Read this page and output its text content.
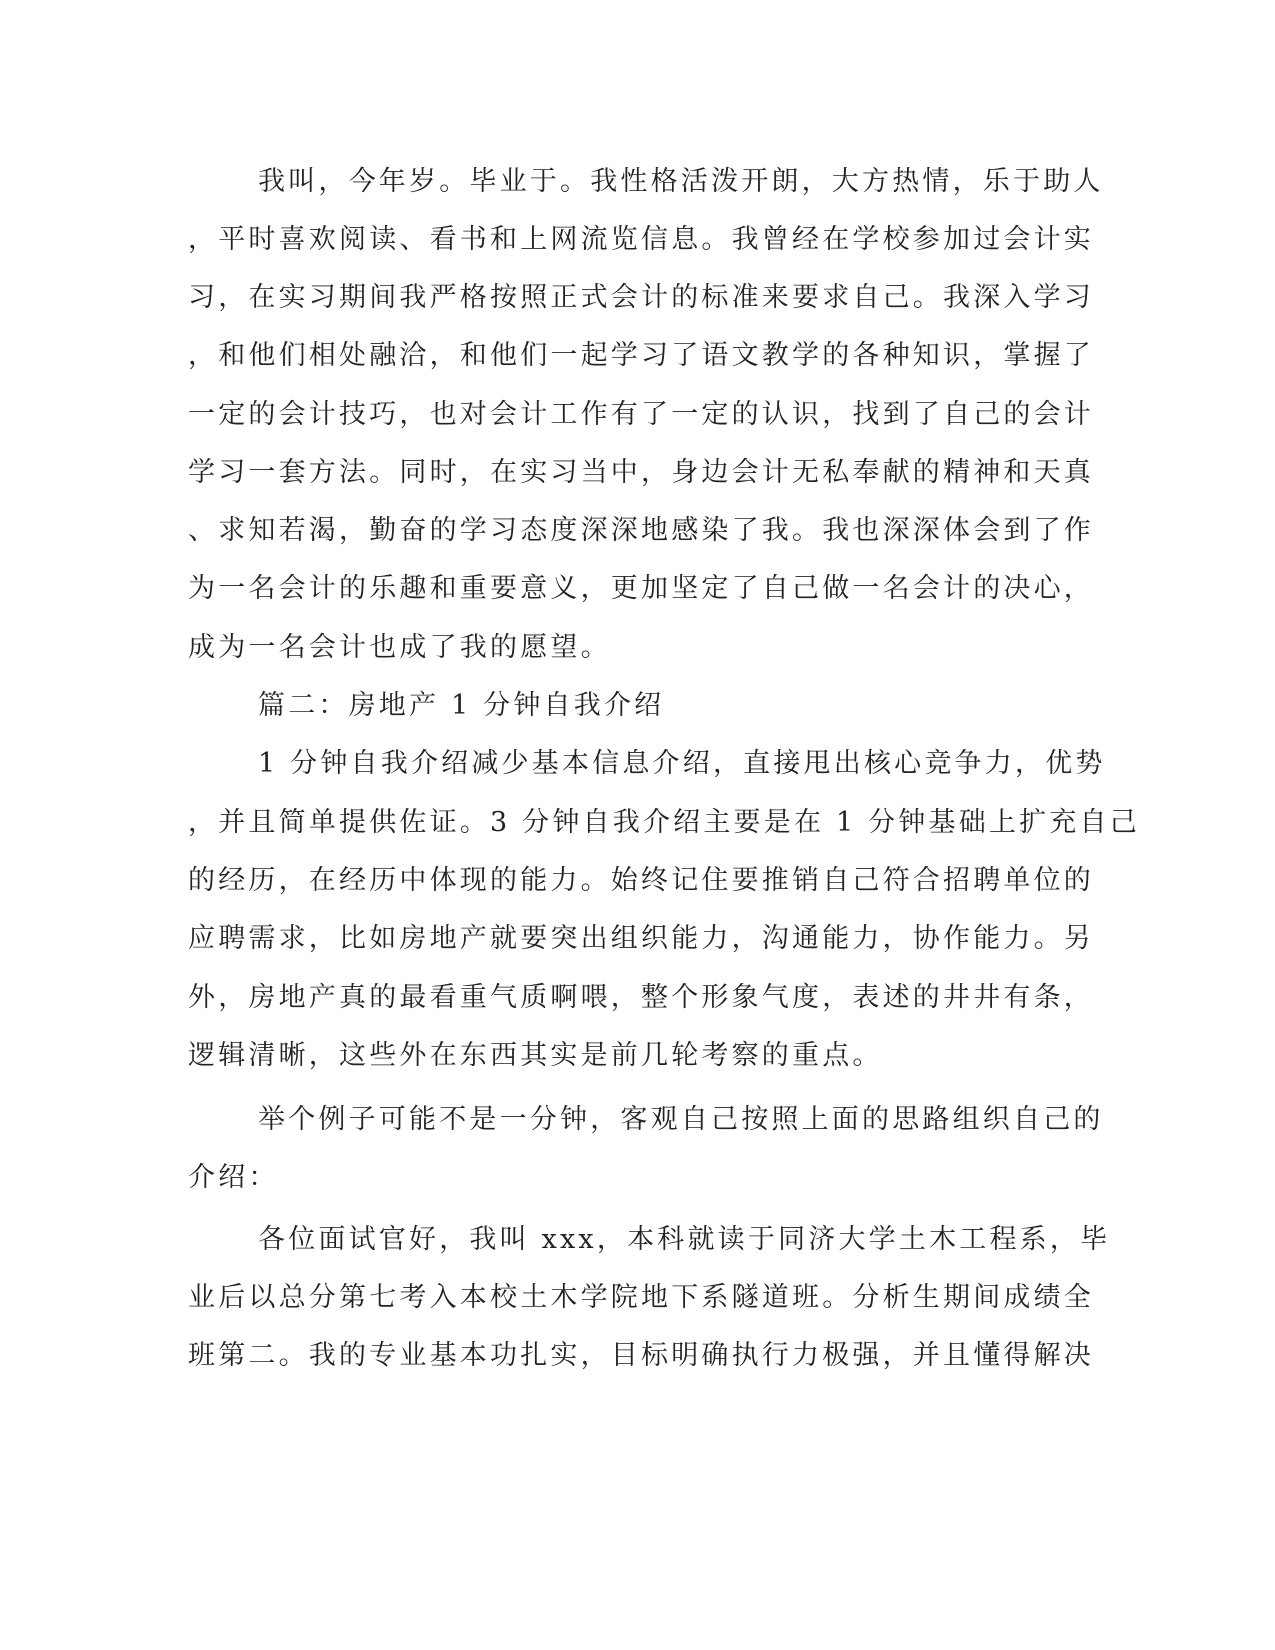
我叫，今年岁。毕业于。我性格活泼开朗，大方热情，乐于助人
，平时喜欢阅读、看书和上网流览信息。我曾经在学校参加过会计实
习，在实习期间我严格按照正式会计的标准来要求自己。我深入学习
，和他们相处融洽，和他们一起学习了语文教学的各种知识，掌握了
一定的会计技巧，也对会计工作有了一定的认识，找到了自己的会计
学习一套方法。同时，在实习当中，身边会计无私奉献的精神和天真
、求知若渴，勤奋的学习态度深深地感染了我。我也深深体会到了作
为一名会计的乐趣和重要意义，更加坚定了自己做一名会计的决心，
成为一名会计也成了我的愿望。
篇二：房地产 1 分钟自我介绍
1 分钟自我介绍减少基本信息介绍，直接甩出核心竞争力，优势
，并且简单提供佐证。3 分钟自我介绍主要是在 1 分钟基础上扩充自己
的经历，在经历中体现的能力。始终记住要推销自己符合招聘单位的
应聘需求，比如房地产就要突出组织能力，沟通能力，协作能力。另
外，房地产真的最看重气质啊喂，整个形象气度，表述的井井有条，
逻辑清晰，这些外在东西其实是前几轮考察的重点。
举个例子可能不是一分钟，客观自己按照上面的思路组织自己的
介绍：
各位面试官好，我叫 xxx，本科就读于同济大学土木工程系，毕
业后以总分第七考入本校土木学院地下系隧道班。分析生期间成绩全
班第二。我的专业基本功扎实，目标明确执行力极强，并且懂得解决
